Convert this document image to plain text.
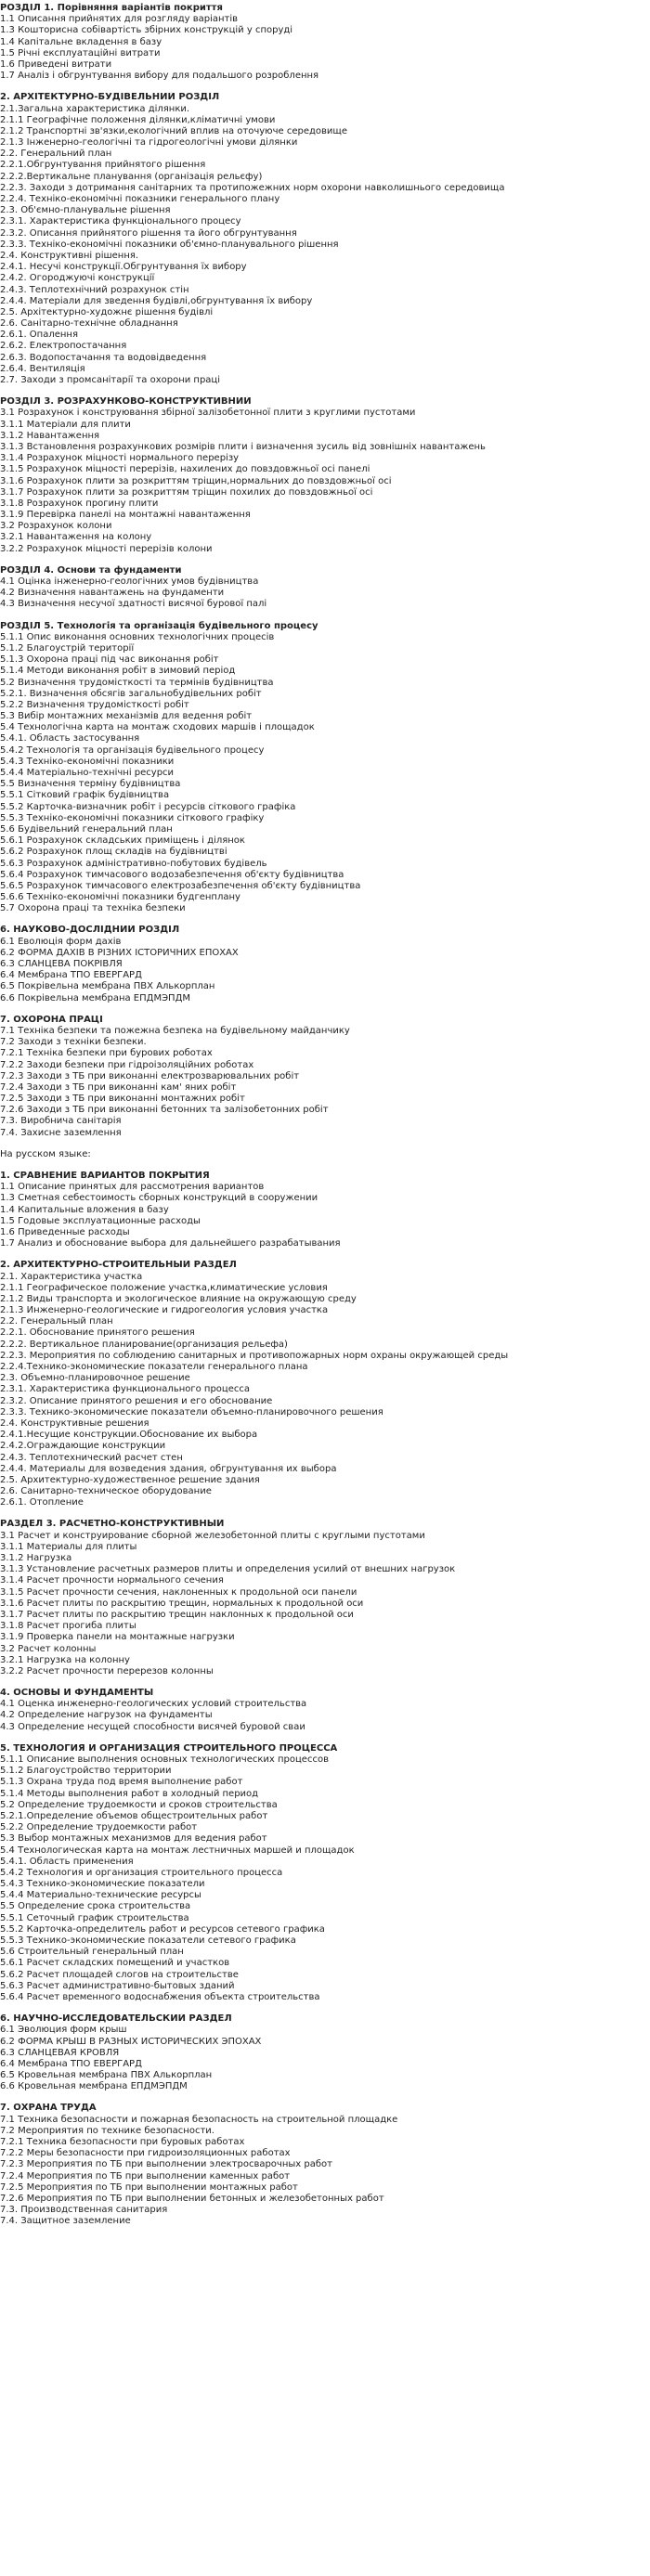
РОЗДІЛ 1. Порівняння варіантів покриття
1.1 Описання прийнятих для розгляду варіантів
1.3 Кошторисна собівартість збірних конструкцій у споруді
1.4 Капітальне вкладення в базу
1.5 Річні експлуатаційні витрати
1.6 Приведені витрати
1.7 Аналіз і обгрунтування вибору для подальшого розроблення
2. АРХІТЕКТУРНО-БУДІВЕЛЬНИЙ РОЗДІЛ
2.1.Загальна характеристика ділянки.
2.1.1 Географічне положення ділянки,кліматичні умови
2.1.2 Транспортні зв'язки,екологічний вплив на оточуюче середовище
2.1.3 Інженерно-геологічні та гідрогеологічні умови ділянки
2.2. Генеральний план
2.2.1.Обгрунтування прийнятого рішення
2.2.2.Вертикальне планування (організація рельєфу)
2.2.3. Заходи з дотримання санітарних та протипожежних норм охорони навколишнього середовища
2.2.4. Техніко-економічні показники генерального плану
2.3. Об'ємно-планувальне рішення
2.3.1. Характеристика функціонального процесу
2.3.2. Описання прийнятого рішення та його обгрунтування
2.3.3. Техніко-економічні показники об'ємно-планувального рішення
2.4. Конструктивні рішення.
2.4.1. Несучі конструкції.Обгрунтування їх вибору
2.4.2. Огороджуючі конструкції
2.4.3. Теплотехнічний розрахунок стін
2.4.4. Матеріали для зведення будівлі,обгрунтування їх вибору
2.5. Архітектурно-художнє рішення будівлі
2.6. Санітарно-технічне обладнання
2.6.1. Опалення
2.6.2. Електропостачання
2.6.3. Водопостачання та водовідведення
2.6.4. Вентиляція
2.7. Заходи з промсанітарії та охорони праці
РОЗДІЛ 3. РОЗРАХУНКОВО-КОНСТРУКТИВНИЙ
3.1 Розрахунок і конструювання збірної залізобетонної плити з круглими пустотами
3.1.1 Матеріали для плити
3.1.2 Навантаження
3.1.3 Встановлення розрахункових розмірів плити і визначення зусиль від зовнішніх навантажень
3.1.4 Розрахунок міцності нормального перерізу
3.1.5 Розрахунок міцності перерізів, нахилених до повздовжньої осі панелі
3.1.6 Розрахунок плити за розкриттям тріщин,нормальних до повздовжньої осі
3.1.7 Розрахунок плити за розкриттям тріщин похилих до повздовжньої осі
3.1.8 Розрахунок прогину плити
3.1.9 Перевірка панелі на монтажні навантаження
3.2 Розрахунок колони
3.2.1 Навантаження на колону
3.2.2 Розрахунок міцності перерізів колони
РОЗДІЛ 4. Основи та фундаменти
4.1 Оцінка інженерно-геологічних умов будівництва
4.2 Визначення навантажень на фундаменти
4.3 Визначення несучої здатності висячої бурової палі
РОЗДІЛ 5. Технологія та організація будівельного процесу
5.1.1 Опис виконання основних технологічних процесів
5.1.2 Благоустрій території
5.1.3 Охорона праці під час виконання робіт
5.1.4 Методи виконання робіт в зимовий період
5.2 Визначення трудомісткості та термінів будівництва
5.2.1. Визначення обсягів загальнобудівельних робіт
5.2.2 Визначення трудомісткості робіт
5.3 Вибір монтажних механізмів для ведення робіт
5.4 Технологічна карта на монтаж сходових маршів і площадок
5.4.1. Область застосування
5.4.2 Технологія та організація будівельного процесу
5.4.3 Техніко-економічні показники
5.4.4 Матеріально-технічні ресурси
5.5 Визначення терміну будівництва
5.5.1 Сітковий графік будівництва
5.5.2 Карточка-визначник робіт і ресурсів сіткового графіка
5.5.3 Техніко-економічні показники сіткового графіку
5.6 Будівельний генеральний план
5.6.1 Розрахунок складських приміщень і ділянок
5.6.2 Розрахунок площ складів на будівництві
5.6.3 Розрахунок адміністративно-побутових будівель
5.6.4 Розрахунок тимчасового водозабезпечення об'єкту будівництва
5.6.5 Розрахунок тимчасового електрозабезпечення об'єкту будівництва
5.6.6 Техніко-економічні показники будгенплану
5.7 Охорона праці та техніка безпеки
6. НАУКОВО-ДОСЛІДНИЙ РОЗДІЛ
6.1 Еволюція форм дахів
6.2 ФОРМА ДАХІВ В РІЗНИХ ІСТОРИЧНИХ ЕПОХАХ
6.3 СЛАНЦЕВА ПОКРІВЛЯ
6.4 Мембрана ТПО ЕВЕРГАРД
6.5 Покрівельна мембрана ПВХ Алькорплан
6.6 Покрівельна мембрана ЕПДМЭПДМ
7. ОХОРОНА ПРАЦІ
7.1 Техніка безпеки та пожежна безпека на будівельному майданчику
7.2 Заходи з техніки безпеки.
7.2.1 Техніка безпеки при бурових роботах
7.2.2 Заходи безпеки при гідроізоляційних роботах
7.2.3 Заходи з ТБ при виконанні електрозварювальних робіт
7.2.4 Заходи з ТБ при виконанні кам' яних робіт
7.2.5 Заходи з ТБ при виконанні монтажних робіт
7.2.6 Заходи з ТБ при виконанні бетонних та залізобетонних робіт
7.3. Виробнича санітарія
7.4. Захисне заземлення
На русском языке:
1. СРАВНЕНИЕ ВАРИАНТОВ ПОКРЫТИЯ
1.1 Описание принятых для рассмотрения вариантов
1.3 Сметная себестоимость сборных конструкций в сооружении
1.4 Капитальные вложения в базу
1.5 Годовые эксплуатационные расходы
1.6 Приведенные расходы
1.7 Анализ и обоснование выбора для дальнейшего разрабатывания
2. АРХИТЕКТУРНО-СТРОИТЕЛЬНЫЙ РАЗДЕЛ
2.1. Характеристика участка
2.1.1 Географическое положение участка,климатические условия
2.1.2 Виды транспорта и экологическое влияние на окружающую среду
2.1.3 Инженерно-геологические и гидрогеология условия участка
2.2. Генеральный план
2.2.1. Обоснование принятого решения
2.2.2. Вертикальное планирование(организация рельефа)
2.2.3. Мероприятия по соблюдению санитарных и противопожарных норм охраны окружающей среды
2.2.4.Технико-экономические показатели генерального плана
2.3. Объемно-планировочное решение
2.3.1. Характеристика функционального процесса
2.3.2. Описание принятого решения и его обоснование
2.3.3. Технико-экономические показатели объемно-планировочного решения
2.4. Конструктивные решения
2.4.1.Несущие конструкции.Обоснование их выбора
2.4.2.Ограждающие конструкции
2.4.3. Теплотехнический расчет стен
2.4.4. Материалы для возведения здания, обгрунтування их выбора
2.5. Архитектурно-художественное решение здания
2.6. Санитарно-техническое оборудование
2.6.1. Отопление
РАЗДЕЛ 3. РАСЧЕТНО-КОНСТРУКТИВНЫЙ
3.1 Расчет и конструирование сборной железобетонной плиты с круглыми пустотами
3.1.1 Материалы для плиты
3.1.2 Нагрузка
3.1.3 Установление расчетных размеров плиты и определения усилий от внешних нагрузок
3.1.4 Расчет прочности нормального сечения
3.1.5 Расчет прочности сечения, наклоненных к продольной оси панели
3.1.6 Расчет плиты по раскрытию трещин, нормальных к продольной оси
3.1.7 Расчет плиты по раскрытию трещин наклонных к продольной оси
3.1.8 Расчет прогиба плиты
3.1.9 Проверка панели на монтажные нагрузки
3.2 Расчет колонны
3.2.1 Нагрузка на колонну
3.2.2 Расчет прочности перерезов колонны
4. ОСНОВЫ И ФУНДАМЕНТЫ
4.1 Оценка инженерно-геологических условий строительства
4.2 Определение нагрузок на фундаменты
4.3 Определение несущей способности висячей буровой сваи
5. ТЕХНОЛОГИЯ И ОРГАНИЗАЦИЯ СТРОИТЕЛЬНОГО ПРОЦЕССА
5.1.1 Описание выполнения основных технологических процессов
5.1.2 Благоустройство территории
5.1.3 Охрана труда под время выполнение работ
5.1.4 Методы выполнения работ в холодный период
5.2 Определение трудоемкости и сроков строительства
5.2.1.Определение объемов общестроительных работ
5.2.2 Определение трудоемкости работ
5.3 Выбор монтажных механизмов для ведения работ
5.4 Технологическая карта на монтаж лестничных маршей и площадок
5.4.1. Область применения
5.4.2 Технология и организация строительного процесса
5.4.3 Технико-экономические показатели
5.4.4 Материально-технические ресурсы
5.5 Определение срока строительства
5.5.1 Сеточный график строительства
5.5.2 Карточка-определитель работ и ресурсов сетевого графика
5.5.3 Технико-экономические показатели сетевого графика
5.6 Строительный генеральный план
5.6.1 Расчет складских помещений и участков
5.6.2 Расчет площадей слогов на строительстве
5.6.3 Расчет административно-бытовых зданий
5.6.4 Расчет временного водоснабжения объекта строительства
6. НАУЧНО-ИССЛЕДОВАТЕЛЬСКИЙ РАЗДЕЛ
6.1 Эволюция форм крыш
6.2 ФОРМА КРЫШ В РАЗНЫХ ИСТОРИЧЕСКИХ ЭПОХАХ
6.3 СЛАНЦЕВАЯ КРОВЛЯ
6.4 Мембрана ТПО ЕВЕРГАРД
6.5 Кровельная мембрана ПВХ Алькорплан
6.6 Кровельная мембрана ЕПДМЭПДМ
7. ОХРАНА ТРУДА
7.1 Техника безопасности и пожарная безопасность на строительной площадке
7.2 Мероприятия по технике безопасности.
7.2.1 Техника безопасности при буровых работах
7.2.2 Меры безопасности при гидроизоляционных работах
7.2.3 Мероприятия по ТБ при выполнении электросварочных работ
7.2.4 Мероприятия по ТБ при выполнении каменных работ
7.2.5 Мероприятия по ТБ при выполнении монтажных работ
7.2.6 Мероприятия по ТБ при выполнении бетонных и железобетонных работ
7.3. Производственная санитария
7.4. Защитное заземление
